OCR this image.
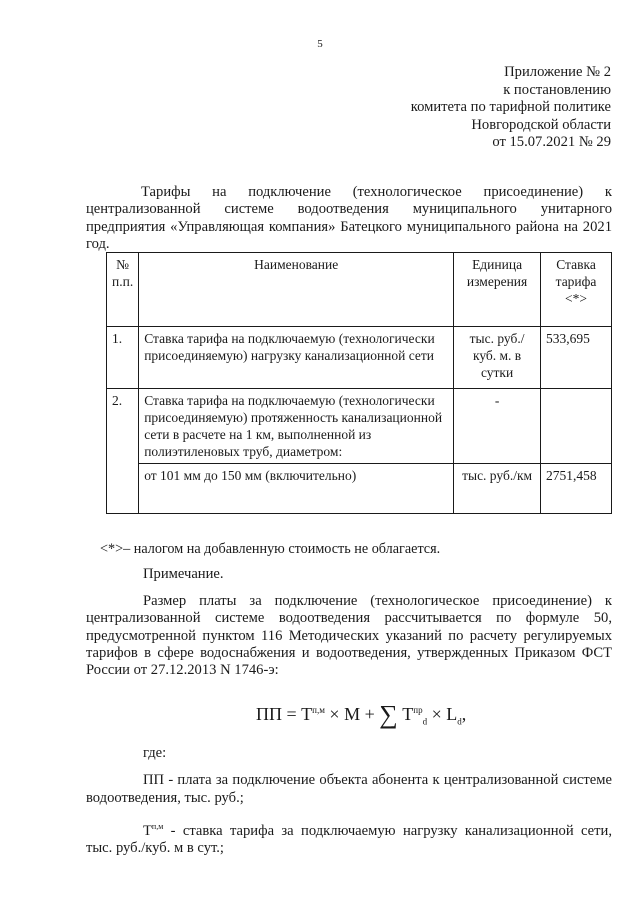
5
Приложение № 2
к постановлению
комитета по тарифной политике
Новгородской области
от 15.07.2021 № 29
Тарифы на подключение (технологическое присоединение) к централизованной системе водоотведения муниципального унитарного предприятия «Управляющая компания» Батецкого муниципального района на 2021 год.
№ п.п.	Наименование	Единица измерения	Ставка тарифа <*>
1.	Ставка тарифа на подключаемую (технологически присоединяемую) нагрузку канализационной сети	тыс. руб./куб. м. в сутки	533,695
2.	Ставка тарифа на подключаемую (технологически присоединяемую) протяженность канализационной сети в расчете на 1 км, выполненной из полиэтиленовых труб, диаметром:	-	
	от 101 мм до 150 мм (включительно)	тыс. руб./км	2751,458
<*>– налогом на добавленную стоимость не облагается.
Примечание.
Размер платы за подключение (технологическое присоединение) к централизованной системе водоотведения рассчитывается по формуле 50, предусмотренной пунктом 116 Методических указаний по расчету регулируемых тарифов в сфере водоснабжения и водоотведения, утвержденных Приказом ФСТ России от 27.12.2013 N 1746-э:
ПП = $Т^{п,м} \times М$ + ∑ $Т^{пр}_d \times L_d$,
где:
ПП - плата за подключение объекта абонента к централизованной системе водоотведения, тыс. руб.;
$Т^{п,м}$ - ставка тарифа за подключаемую нагрузку канализационной сети, тыс. руб./куб. м в сут.;
